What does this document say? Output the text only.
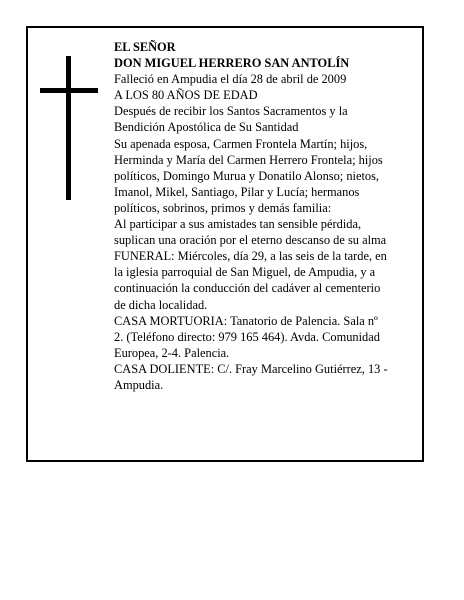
EL SEÑOR
DON MIGUEL HERRERO SAN ANTOLÍN
Falleció en Ampudia el día 28 de abril de 2009
A LOS 80 AÑOS DE EDAD
Después de recibir los Santos Sacramentos y la
Bendición Apostólica de Su Santidad
Su apenada esposa, Carmen Frontela Martín; hijos,
Herminda y María del Carmen Herrero Frontela; hijos
políticos, Domingo Murua y Donatilo Alonso; nietos,
Imanol, Mikel, Santiago, Pilar y Lucía; hermanos
políticos, sobrinos, primos y demás familia:
Al participar a sus amistades tan sensible pérdida,
suplican una oración por el eterno descanso de su alma
FUNERAL: Miércoles, día 29, a las seis de la tarde, en
la iglesia parroquial de San Miguel, de Ampudia, y a
continuación la conducción del cadáver al cementerio
de dicha localidad.
CASA MORTUORIA: Tanatorio de Palencia. Sala nº
2. (Teléfono directo: 979 165 464). Avda. Comunidad
Europea, 2-4. Palencia.
CASA DOLIENTE: C/. Fray Marcelino Gutiérrez, 13 -
Ampudia.
